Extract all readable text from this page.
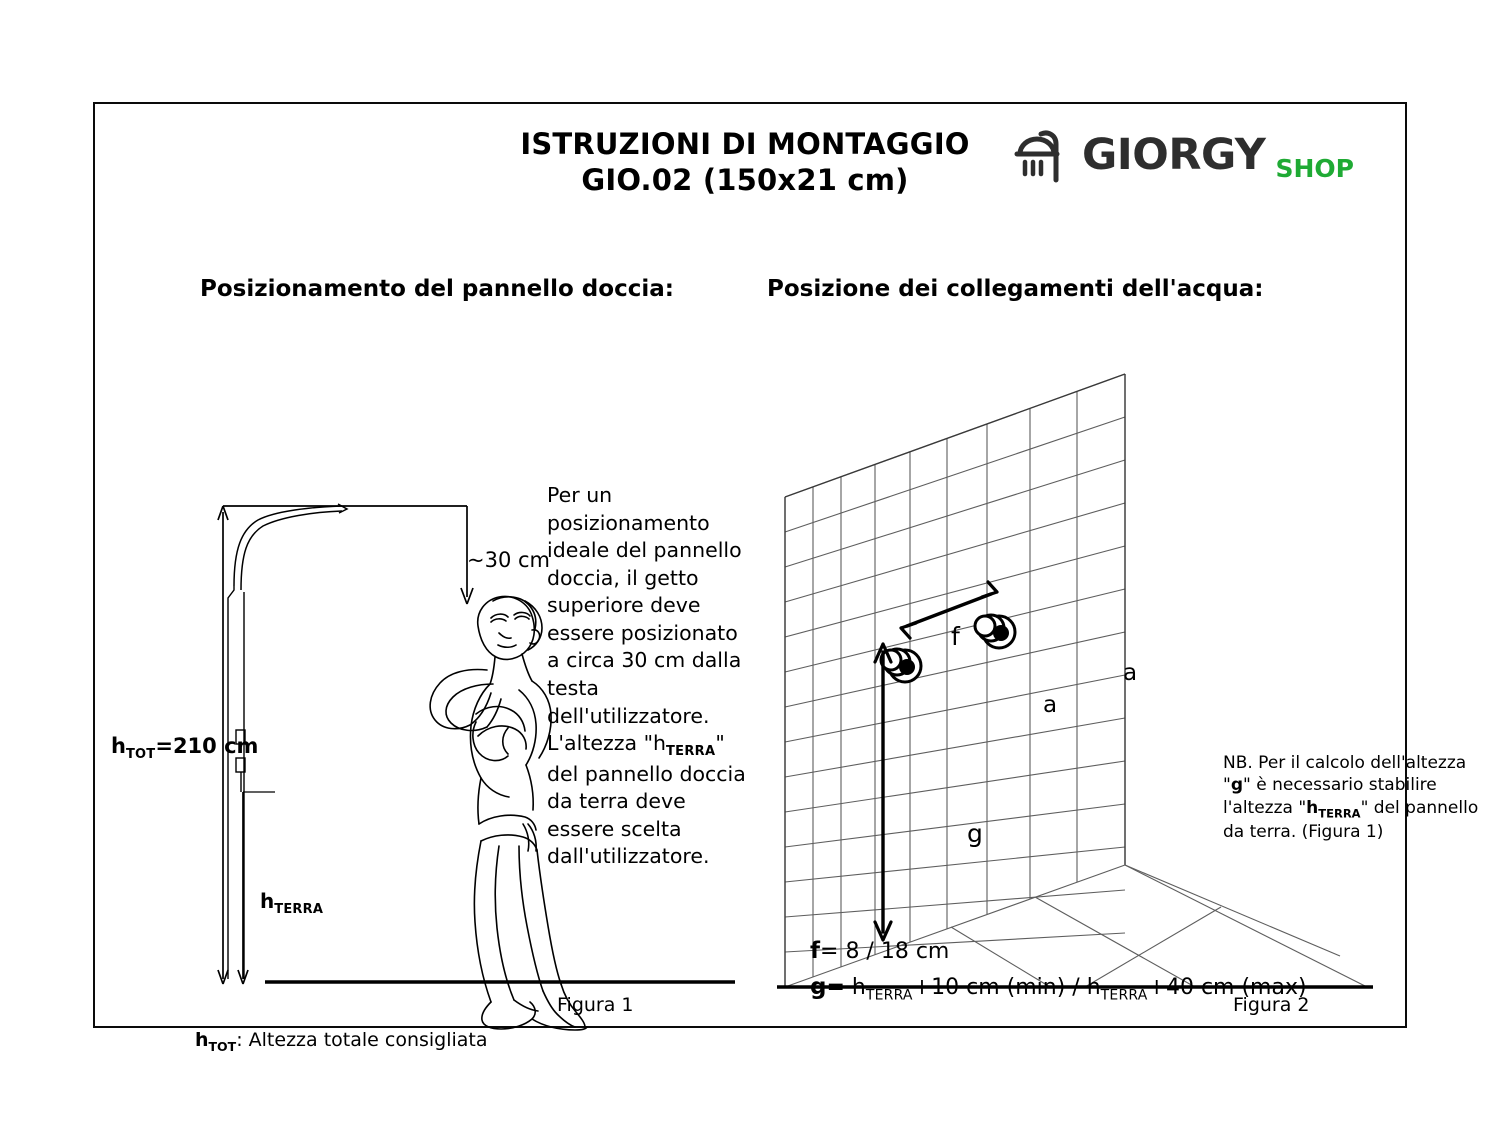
ISTRUZIONI DI MONTAGGIO
GIO.02 (150x21 cm)
GIORGY SHOP
Posizionamento del pannello doccia:	Posizione dei collegamenti dell'acqua:
$h_{TOT}=210$ cm
$h_{TERRA}$
~30 cm
Per un posizionamento ideale del pannello doccia, il getto superiore deve essere posizionato a circa 30 cm dalla testa dell'utilizzatore. L'altezza "$h_{TERRA}$" del pannello doccia da terra deve essere scelta dall'utilizzatore.
Figura 1
$h_{TOT}$: Altezza totale consigliata
f
g
a
a
NB. Per il calcolo dell'altezza "g" è necessario stabilire l'altezza "$h_{TERRA}$" del pannello da terra. (Figura 1)
Figura 2
f= 8 / 18 cm
$g= h_{TERRA}+10$ cm $(\min) / h_{TERRA}+40$ cm (max)
